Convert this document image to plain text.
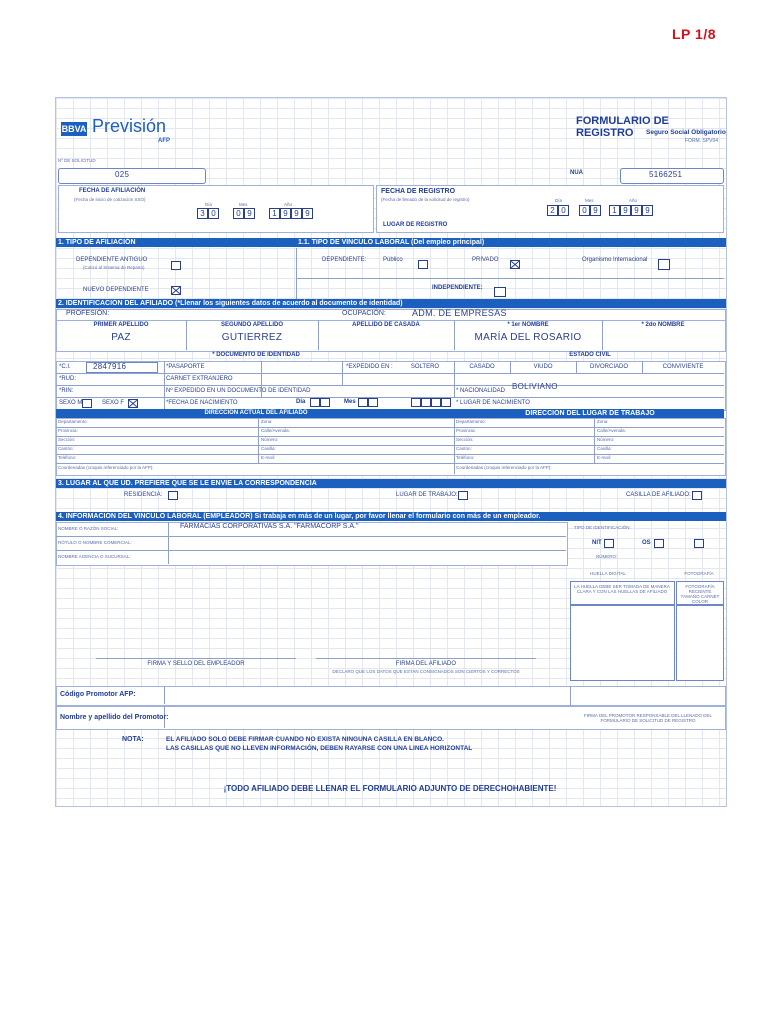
LP 1/8
BBVA Previsión
AFP
FORMULARIO DE REGISTRO	Seguro Social Obligatorio
FORM. SPV04
Nº DE SOLICITUD
025	NUA	5166251
FECHA DE AFILIACIÓN
(Fecha de inicio de cotización SSO)
Día	Mes	Año
3 0	0 9	1 9 9 9
FECHA DE REGISTRO
(Fecha de llenado de la solicitud de registro)	Día	Mes	Año
2 0	0 9	1 9 9 9
LUGAR DE REGISTRO
1. TIPO DE AFILIACIÓN	1.1. TIPO DE VINCULO LABORAL (Del empleo principal)
DEPENDIENTE ANTIGUO
(Cotizó al Sistema de Reparto)
NUEVO DEPENDIENTE
DEPENDIENTE:	Público	PRIVADO	Organismo Internacional
INDEPENDIENTE:
2. IDENTIFICACIÓN DEL AFILIADO (*Llenar los siguientes datos de acuerdo al documento de identidad)
PROFESIÓN:	OCUPACIÓN:	ADM. DE EMPRESAS
PRIMER APELLIDO
PAZ
SEGUNDO APELLIDO
GUTIERREZ
APELLIDO DE CASADA	* 1er NOMBRE
MARÍA DEL ROSARIO
* 2do NOMBRE
* DOCUMENTO DE IDENTIDAD	ESTADO CIVIL
*C.I.	2847916	*PASAPORTE
CARNET EXTRANJERO
*RUD:
*RIN:	Nº EXPEDIDO EN UN DOCUMENTO DE IDENTIDAD
*EXPEDIDO EN :	SOLTERO	CASADO	VIUDO	DIVORCIADO	CONVIVIENTE
* NACIONALIDAD BOLIVIANO
SEXO M	SEXO F	*FECHA DE NACIMIENTO	Día	Mes	* LUGAR DE NACIMIENTO
DIRECCIÓN ACTUAL DEL AFILIADO	DIRECCION DEL LUGAR DE TRABAJO
Departamento:
Provincia:
Sección:
Cantón:
Teléfono:
Coordenadas (croquis referenciado por la AFP):
Zona:
Calle/Avenida:
Número:
Casilla:
E-mail:
Departamento:
Provincia:
Sección:
Cantón:
Teléfono:
Coordenadas (croquis referenciado por la AFP):
Zona:
Calle/Avenida:
Número:
Casilla:
E-mail:
3. LUGAR AL QUE UD. PREFIERE QUE SE LE ENVIE LA CORRESPONDENCIA
RESIDENCIA:	LUGAR DE TRABAJO:	CASILLA DE AFILIADO:
4. INFORMACION DEL VINCULO LABORAL (EMPLEADOR) Si trabaja en más de un lugar, por favor llenar el formulario con más de un empleador.
NOMBRE O RAZÓN SOCIAL:	FARMACIAS CORPORATIVAS S.A. "FARMACORP S.A."
RÓTULO O NOMBRE COMERCIAL:
NOMBRE AGENCIA O SUCURSAL:
TIPO DE IDENTIFICACIÓN:
NIT	OS
NÚMERO:
HUELLA DIGITAL	FOTOGRAFÍA
LA HUELLA DEBE SER TOMADA DE MANERA CLARA Y CON LAS HUELLAS DE AFILIADO
FOTOGRAFÍA RECIENTE TAMAÑO CARNET COLOR
FIRMA Y SELLO DEL EMPLEADOR	FIRMA DEL AFILIADO
DECLARO QUE LOS DATOS QUE ESTAN CONSIGNADOS SON CIERTOS Y CORRECTOS
Código Promotor AFP:
Nombre y apellido del Promotor:	FIRMA DEL PROMOTOR RESPONSABLE DEL LLENADO DEL FORMULARIO DE SOLICITUD DE REGISTRO
NOTA:	EL AFILIADO SOLO DEBE FIRMAR CUANDO NO EXISTA NINGUNA CASILLA EN BLANCO.
LAS CASILLAS QUE NO LLEVEN INFORMACIÓN, DEBEN RAYARSE CON UNA LINEA HORIZONTAL
¡TODO AFILIADO DEBE LLENAR EL FORMULARIO ADJUNTO DE DERECHOHABIENTE!
